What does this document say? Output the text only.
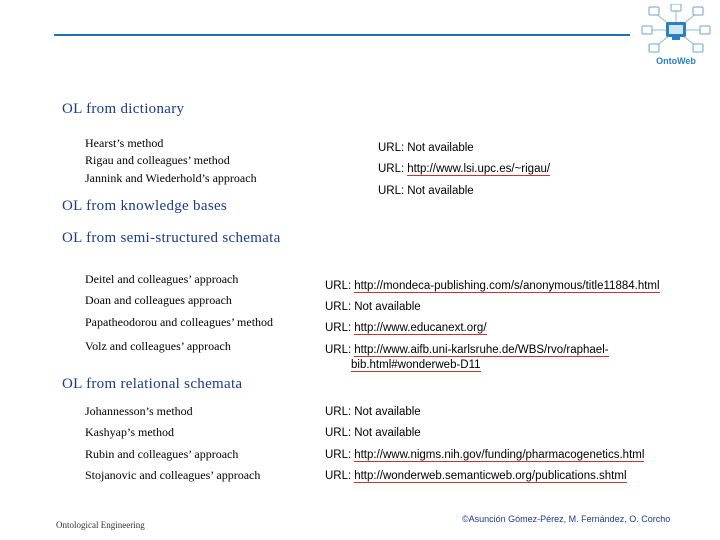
OntoWeb
OL from dictionary
Hearst’s method
Rigau and colleagues’ method
Jannink and Wiederhold’s approach
URL: Not available
URL: http://www.lsi.upc.es/~rigau/
URL: Not available
OL from knowledge bases
OL from semi-structured schemata
Deitel and colleagues’ approach
Doan and colleagues approach
Papatheodorou and colleagues’ method
Volz and colleagues’ approach
URL: http://mondeca-publishing.com/s/anonymous/title11884.html
URL: Not available
URL: http://www.educanext.org/
URL: http://www.aifb.uni-karlsruhe.de/WBS/rvo/raphael-
bib.html#wonderweb-D11
OL from relational schemata
Johannesson’s method
Kashyap’s method
Rubin and colleagues’ approach
Stojanovic and colleagues’ approach
URL: Not available
URL: Not available
URL: http://www.nigms.nih.gov/funding/pharmacogenetics.html
URL: http://wonderweb.semanticweb.org/publications.shtml
Ontological Engineering
©Asunción Gómez-Pérez, M. Fernández, O. Corcho
